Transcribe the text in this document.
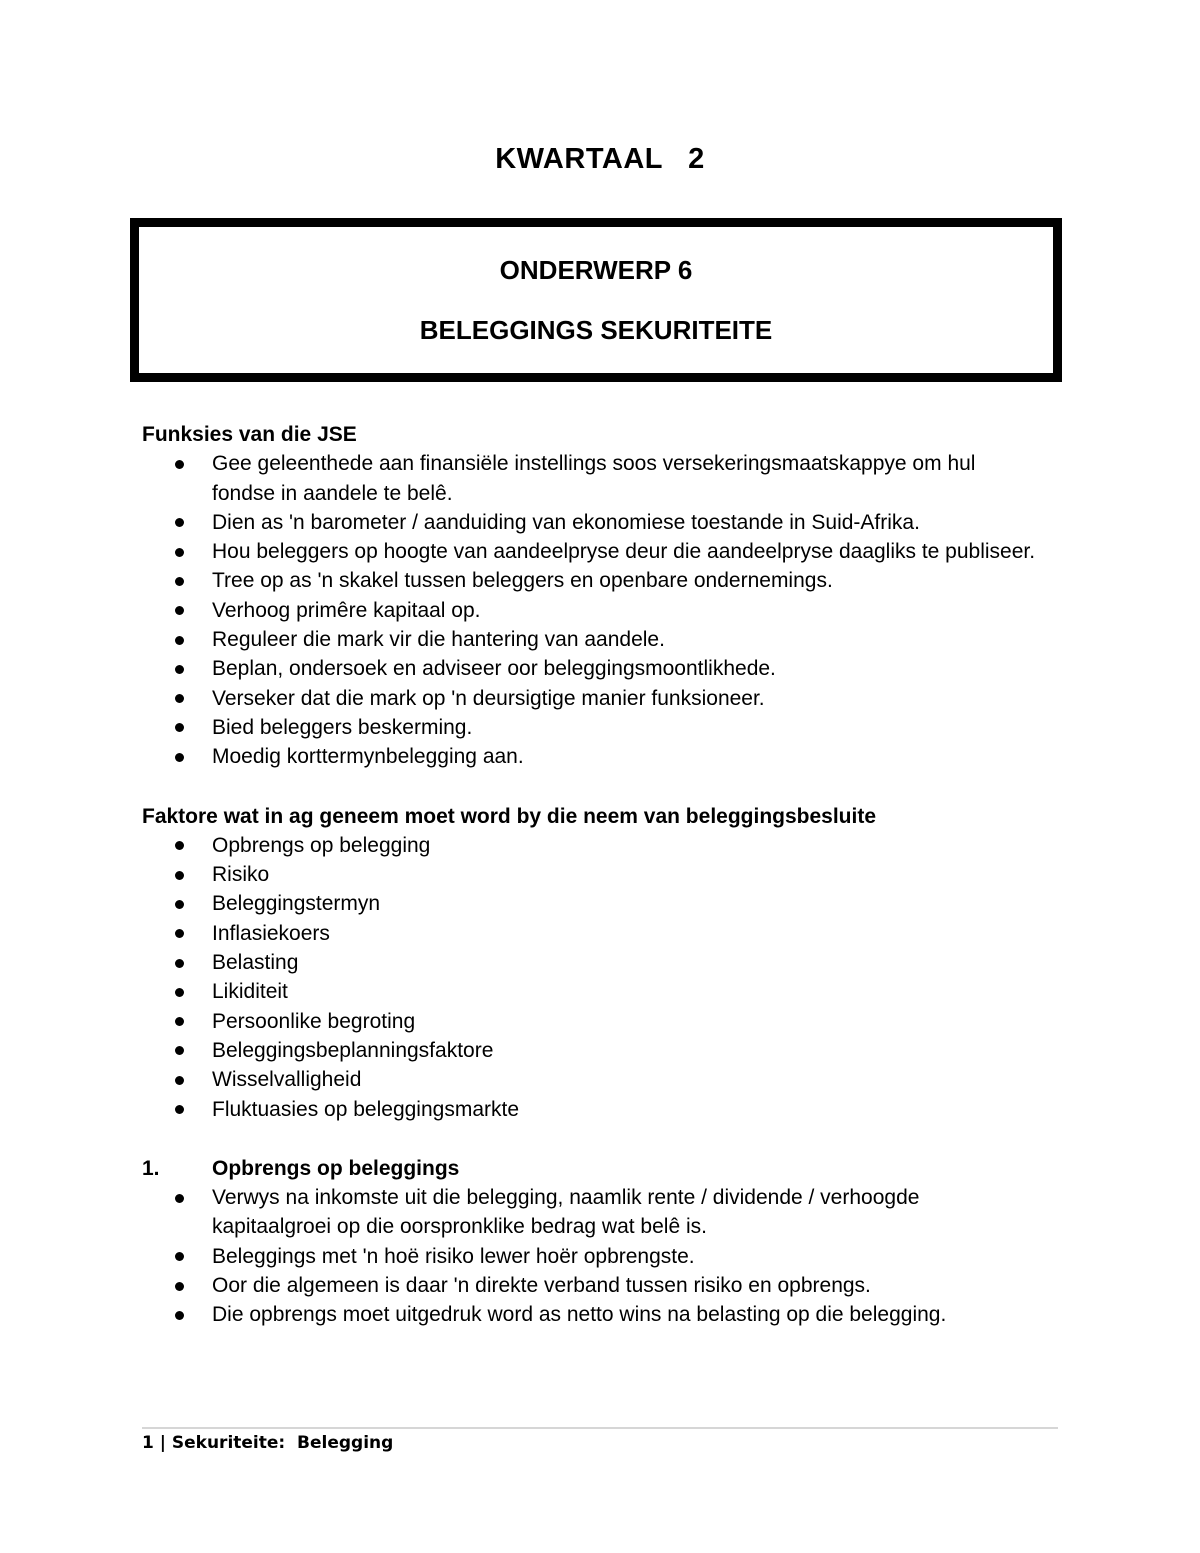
KWARTAAL   2
ONDERWERP 6
BELEGGINGS SEKURITEITE
Funksies van die JSE
Gee geleenthede aan finansiële instellings soos versekeringsmaatskappye om hul fondse in aandele te belê.
Dien as 'n barometer / aanduiding van ekonomiese toestande in Suid-Afrika.
Hou beleggers op hoogte van aandeelpryse deur die aandeelpryse daagliks te publiseer.
Tree op as 'n skakel tussen beleggers en openbare ondernemings.
Verhoog primêre kapitaal op.
Reguleer die mark vir die hantering van aandele.
Beplan, ondersoek en adviseer oor beleggingsmoontlikhede.
Verseker dat die mark op 'n deursigtige manier funksioneer.
Bied beleggers beskerming.
Moedig korttermynbelegging aan.
Faktore wat in ag geneem moet word by die neem van beleggingsbesluite
Opbrengs op belegging
Risiko
Beleggingstermyn
Inflasiekoers
Belasting
Likiditeit
Persoonlike begroting
Beleggingsbeplanningsfaktore
Wisselvalligheid
Fluktuasies op beleggingsmarkte
1.	Opbrengs op beleggings
Verwys na inkomste uit die belegging, naamlik rente / dividende / verhoogde kapitaalgroei op die oorspronklike bedrag wat belê is.
Beleggings met 'n hoë risiko lewer hoër opbrengste.
Oor die algemeen is daar 'n direkte verband tussen risiko en opbrengs.
Die opbrengs moet uitgedruk word as netto wins na belasting op die belegging.
1 | Sekuriteite:  Belegging
